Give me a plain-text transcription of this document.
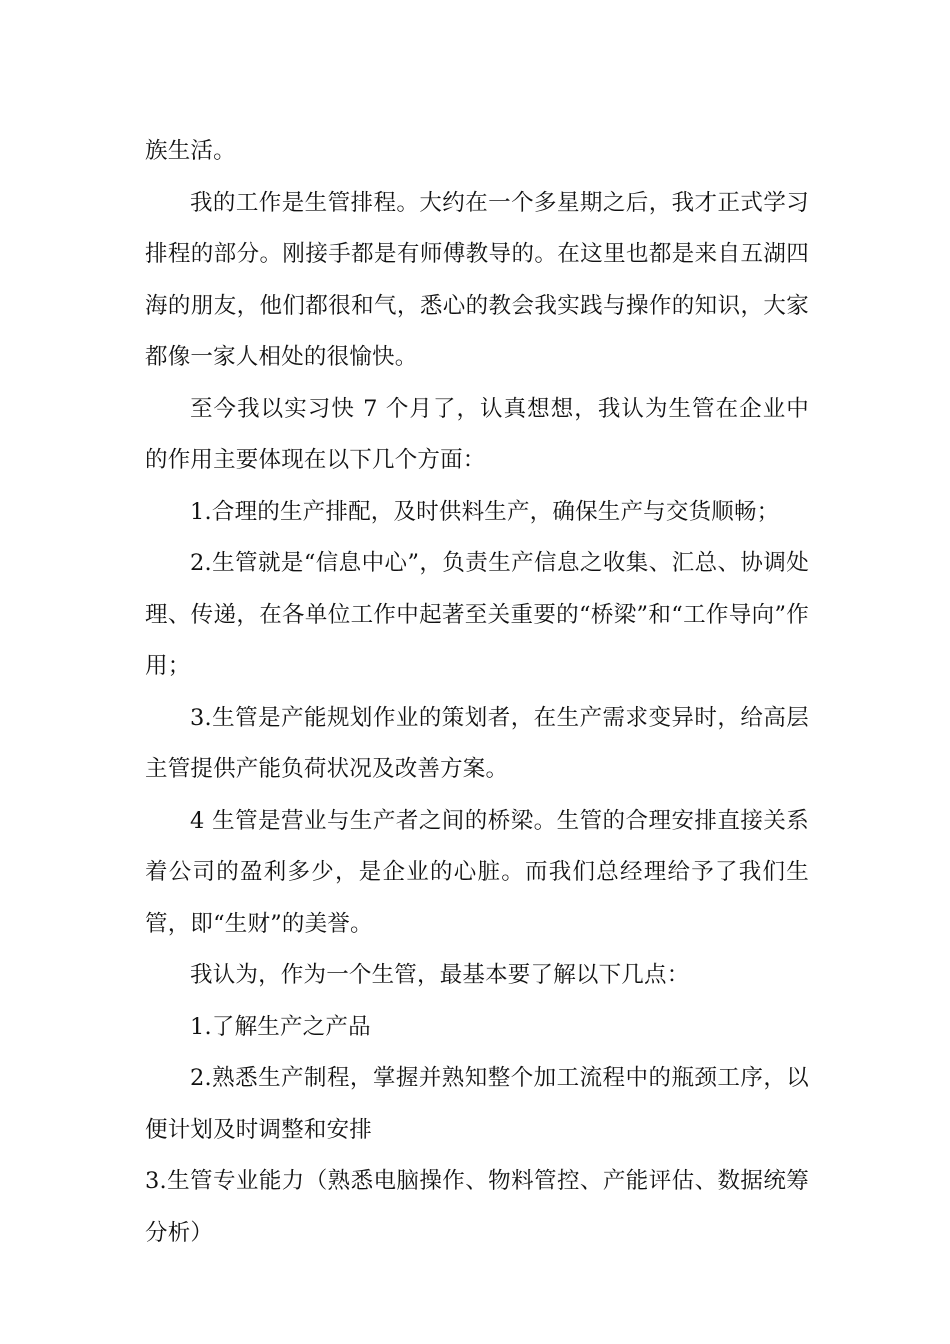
族生活。

我的工作是生管排程。大约在一个多星期之后，我才正式学习排程的部分。刚接手都是有师傅教导的。在这里也都是来自五湖四海的朋友，他们都很和气，悉心的教会我实践与操作的知识，大家都像一家人相处的很愉快。

至今我以实习快 7 个月了，认真想想，我认为生管在企业中的作用主要体现在以下几个方面：

1.合理的生产排配，及时供料生产，确保生产与交货顺畅；

2.生管就是“信息中心”，负责生产信息之收集、汇总、协调处理、传递，在各单位工作中起著至关重要的“桥梁”和“工作导向”作用；

3.生管是产能规划作业的策划者，在生产需求变异时，给高层主管提供产能负荷状况及改善方案。

4 生管是营业与生产者之间的桥梁。生管的合理安排直接关系着公司的盈利多少，是企业的心脏。而我们总经理给予了我们生管，即“生财”的美誉。

我认为，作为一个生管，最基本要了解以下几点：

1.了解生产之产品

2.熟悉生产制程，掌握并熟知整个加工流程中的瓶颈工序，以便计划及时调整和安排

3.生管专业能力（熟悉电脑操作、物料管控、产能评估、数据统筹分析）
